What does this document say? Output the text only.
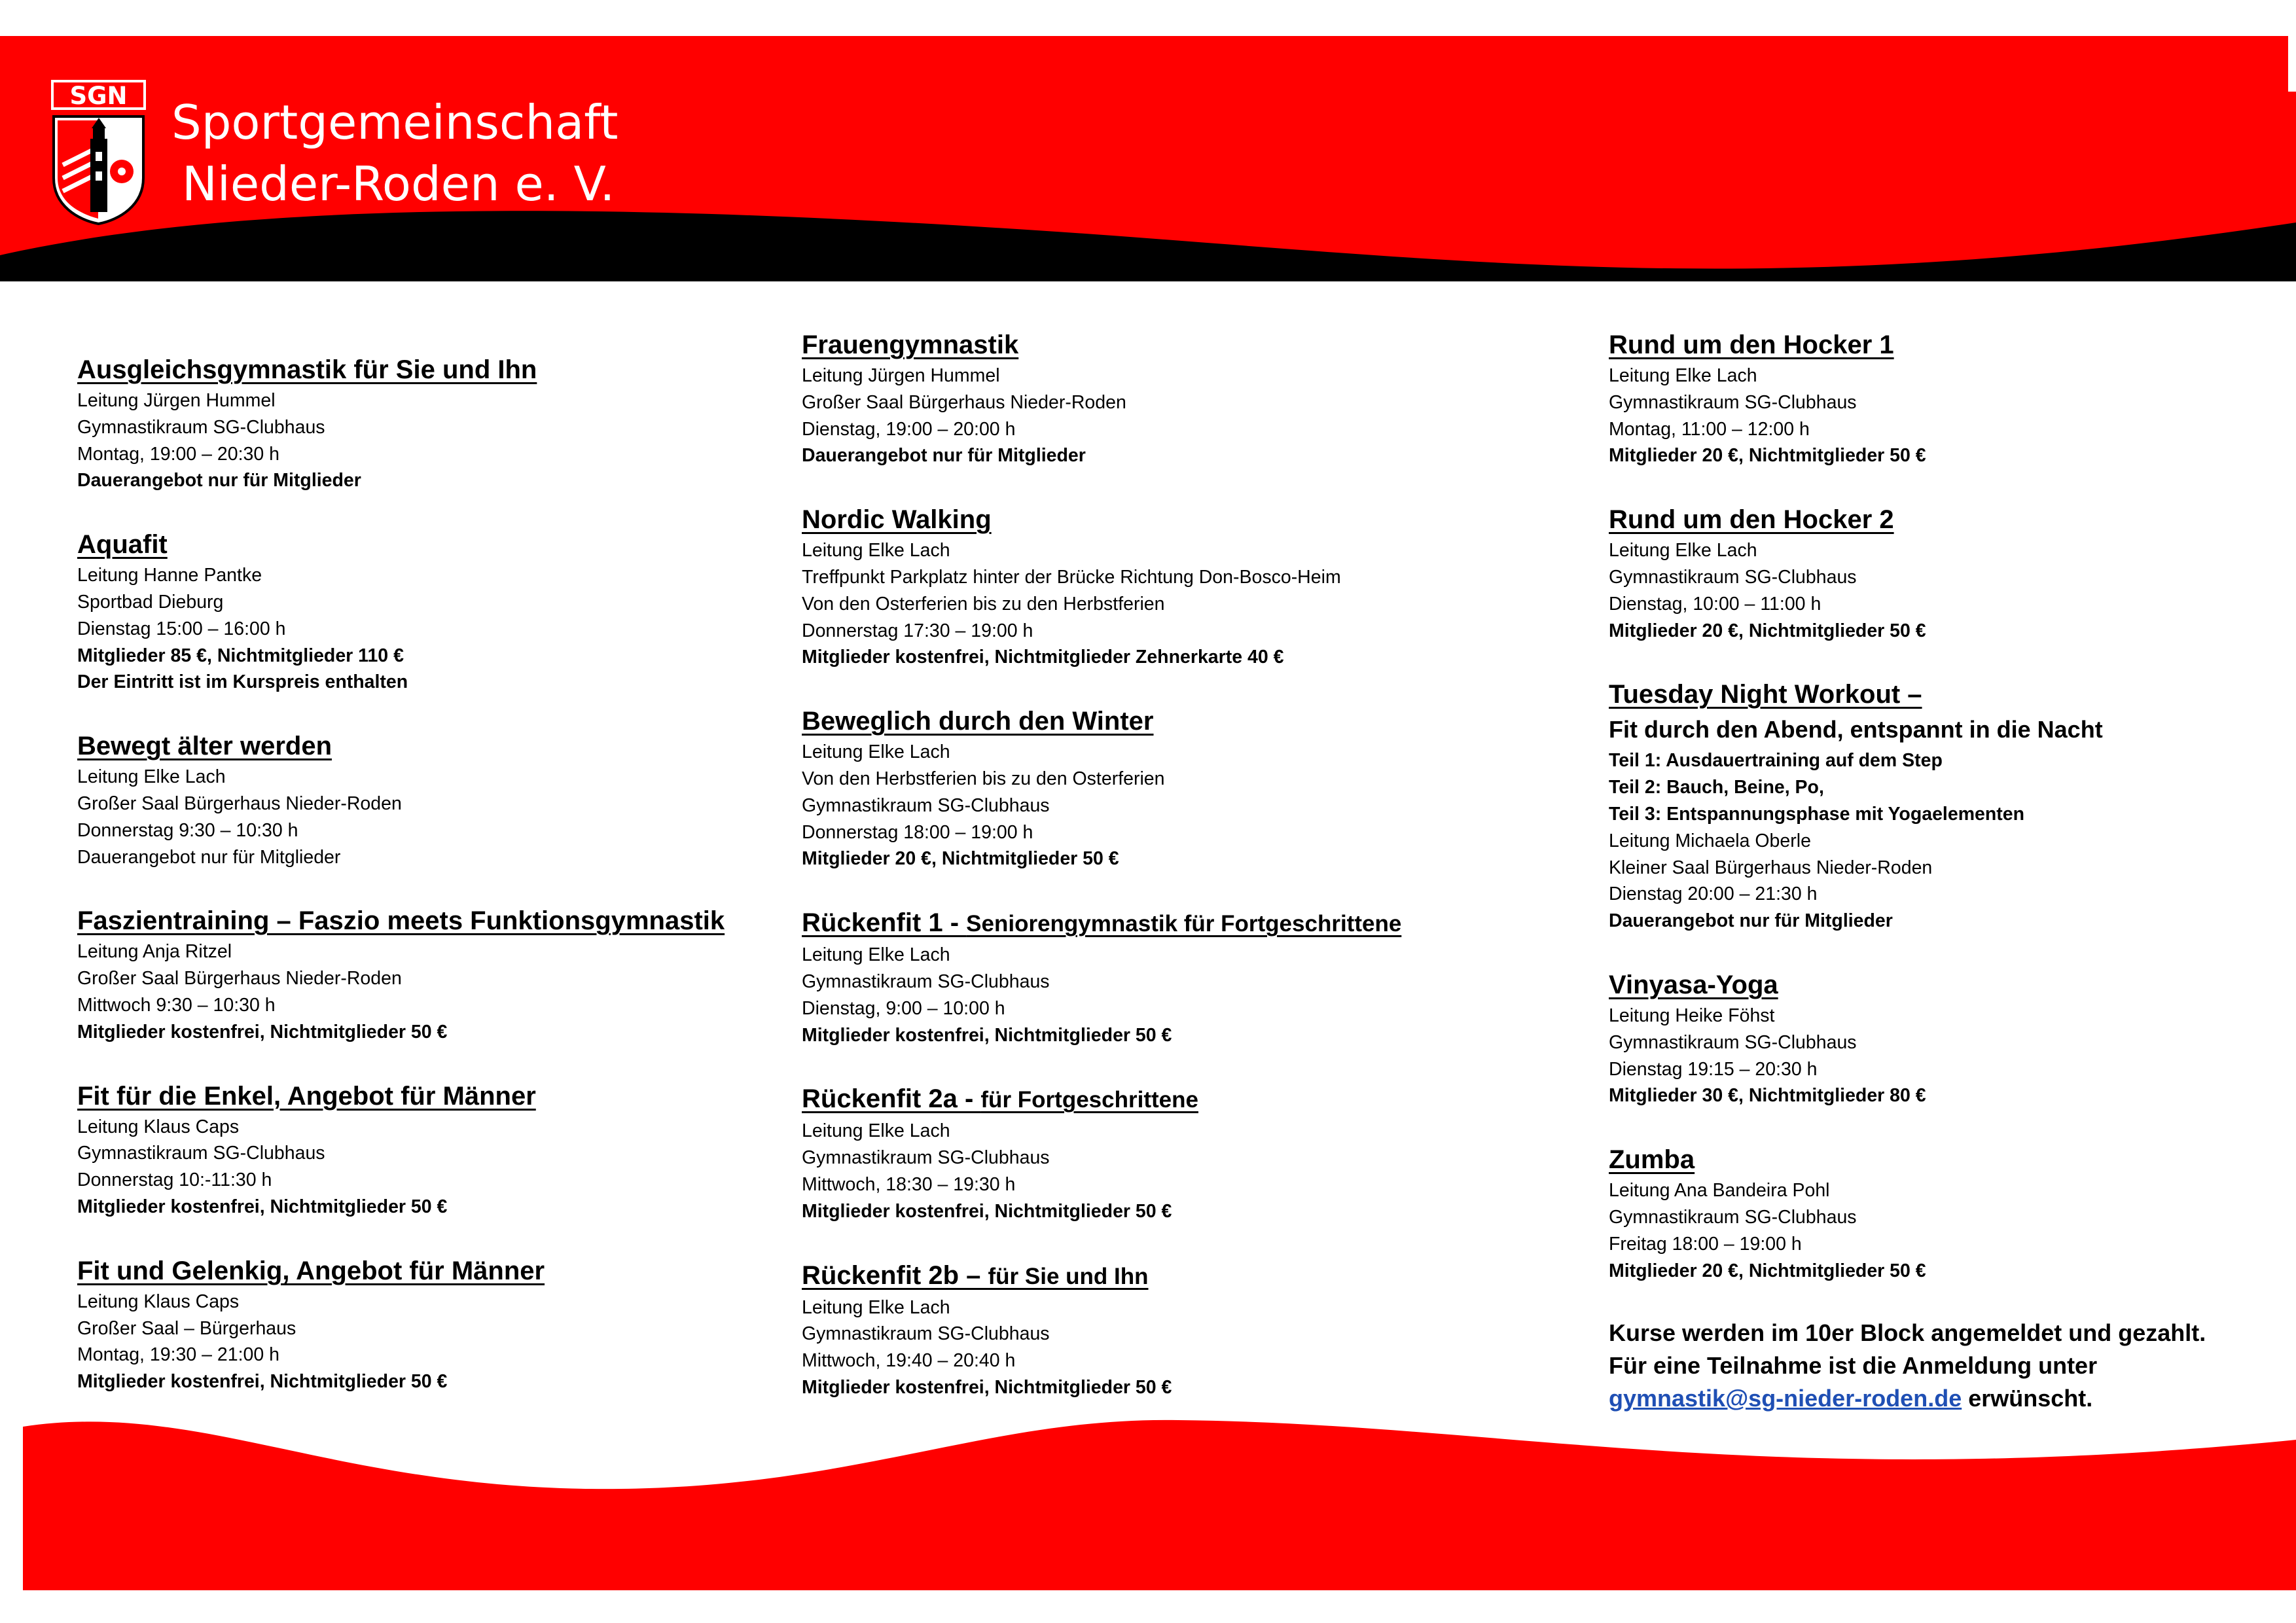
SGN Sportgemeinschaft
Nieder-Roden e. V.
Ausgleichsgymnastik für Sie und Ihn
Leitung Jürgen Hummel
Gymnastikraum SG-Clubhaus
Montag, 19:00 – 20:30 h
Dauerangebot nur für Mitglieder
Aquafit
Leitung Hanne Pantke
Sportbad Dieburg
Dienstag 15:00 – 16:00 h
Mitglieder 85 €, Nichtmitglieder 110 €
Der Eintritt ist im Kurspreis enthalten
Bewegt älter werden
Leitung Elke Lach
Großer Saal Bürgerhaus Nieder-Roden
Donnerstag 9:30 – 10:30 h
Dauerangebot nur für Mitglieder
Faszientraining – Faszio meets Funktionsgymnastik
Leitung Anja Ritzel
Großer Saal Bürgerhaus Nieder-Roden
Mittwoch 9:30 – 10:30 h
Mitglieder kostenfrei, Nichtmitglieder 50 €
Fit für die Enkel, Angebot für Männer
Leitung Klaus Caps
Gymnastikraum SG-Clubhaus
Donnerstag 10:-11:30 h
Mitglieder kostenfrei, Nichtmitglieder 50 €
Fit und Gelenkig, Angebot für Männer
Leitung Klaus Caps
Großer Saal – Bürgerhaus
Montag, 19:30 – 21:00 h
Mitglieder kostenfrei, Nichtmitglieder 50 €
Frauengymnastik
Leitung Jürgen Hummel
Großer Saal Bürgerhaus Nieder-Roden
Dienstag, 19:00 – 20:00 h
Dauerangebot nur für Mitglieder
Nordic Walking
Leitung Elke Lach
Treffpunkt Parkplatz hinter der Brücke Richtung Don-Bosco-Heim
Von den Osterferien bis zu den Herbstferien
Donnerstag 17:30 – 19:00 h
Mitglieder kostenfrei, Nichtmitglieder Zehnerkarte 40 €
Beweglich durch den Winter
Leitung Elke Lach
Von den Herbstferien bis zu den Osterferien
Gymnastikraum SG-Clubhaus
Donnerstag 18:00 – 19:00 h
Mitglieder 20 €, Nichtmitglieder 50 €
Rückenfit 1 - Seniorengymnastik für Fortgeschrittene
Leitung Elke Lach
Gymnastikraum SG-Clubhaus
Dienstag, 9:00 – 10:00 h
Mitglieder kostenfrei, Nichtmitglieder 50 €
Rückenfit 2a - für Fortgeschrittene
Leitung Elke Lach
Gymnastikraum SG-Clubhaus
Mittwoch, 18:30 – 19:30 h
Mitglieder kostenfrei, Nichtmitglieder 50 €
Rückenfit 2b – für Sie und Ihn
Leitung Elke Lach
Gymnastikraum SG-Clubhaus
Mittwoch, 19:40 – 20:40 h
Mitglieder kostenfrei, Nichtmitglieder 50 €
Rund um den Hocker 1
Leitung Elke Lach
Gymnastikraum SG-Clubhaus
Montag, 11:00 – 12:00 h
Mitglieder 20 €, Nichtmitglieder 50 €
Rund um den Hocker 2
Leitung Elke Lach
Gymnastikraum SG-Clubhaus
Dienstag, 10:00 – 11:00 h
Mitglieder 20 €, Nichtmitglieder 50 €
Tuesday Night Workout –
Fit durch den Abend, entspannt in die Nacht
Teil 1: Ausdauertraining auf dem Step
Teil 2: Bauch, Beine, Po,
Teil 3: Entspannungsphase mit Yogaelementen
Leitung Michaela Oberle
Kleiner Saal Bürgerhaus Nieder-Roden
Dienstag 20:00 – 21:30 h
Dauerangebot nur für Mitglieder
Vinyasa-Yoga
Leitung Heike Föhst
Gymnastikraum SG-Clubhaus
Dienstag 19:15 – 20:30 h
Mitglieder 30 €, Nichtmitglieder 80 €
Zumba
Leitung Ana Bandeira Pohl
Gymnastikraum SG-Clubhaus
Freitag 18:00 – 19:00 h
Mitglieder 20 €, Nichtmitglieder 50 €
Kurse werden im 10er Block angemeldet und gezahlt.
Für eine Teilnahme ist die Anmeldung unter
gymnastik@sg-nieder-roden.de erwünscht.
